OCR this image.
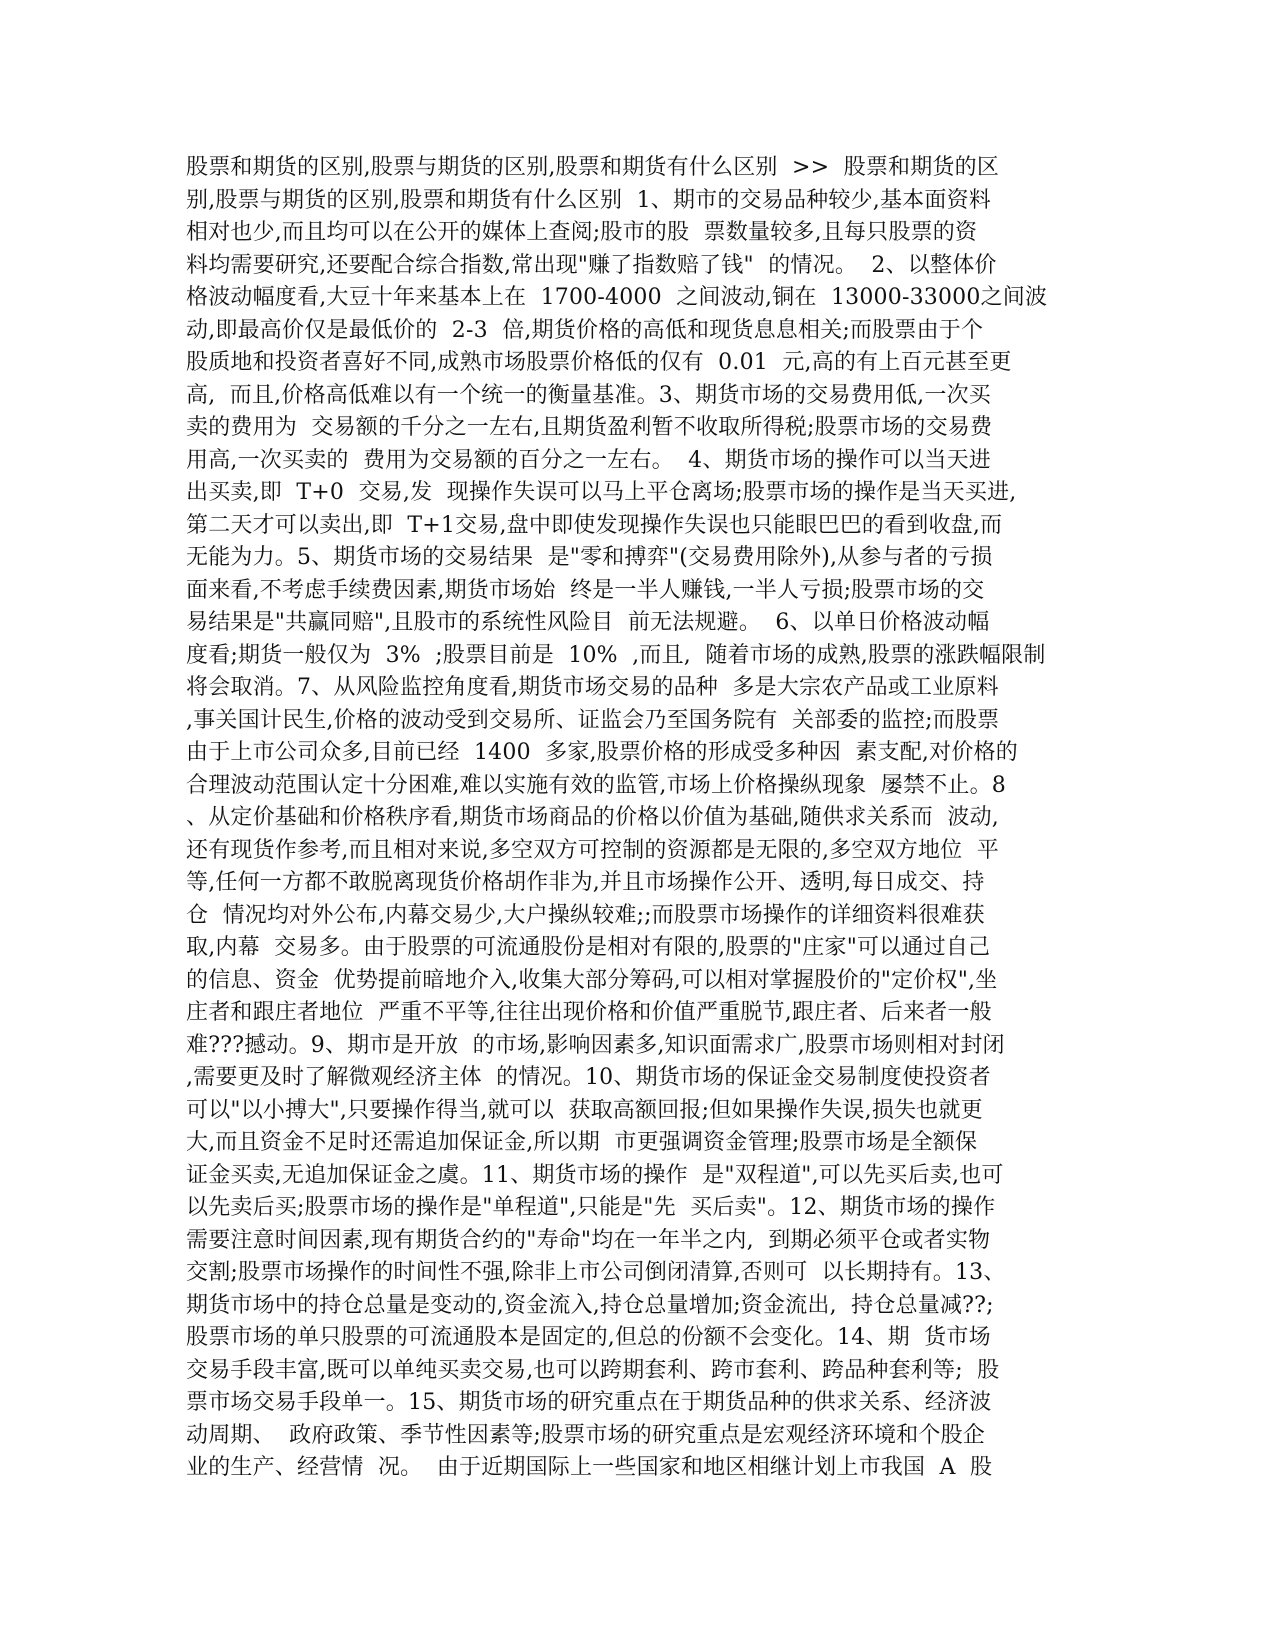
股票和期货的区别,股票与期货的区别,股票和期货有什么区别  >>  股票和期货的区
别,股票与期货的区别,股票和期货有什么区别  1、期市的交易品种较少,基本面资料
相对也少,而且均可以在公开的媒体上查阅;股市的股  票数量较多,且每只股票的资
料均需要研究,还要配合综合指数,常出现"赚了指数赔了钱"  的情况。  2、以整体价
格波动幅度看,大豆十年来基本上在  1700-4000  之间波动,铜在  13000-33000之间波
动,即最高价仅是最低价的  2-3  倍,期货价格的高低和现货息息相关;而股票由于个
股质地和投资者喜好不同,成熟市场股票价格低的仅有  0.01  元,高的有上百元甚至更
高,  而且,价格高低难以有一个统一的衡量基准。3、期货市场的交易费用低,一次买
卖的费用为  交易额的千分之一左右,且期货盈利暂不收取所得税;股票市场的交易费
用高,一次买卖的  费用为交易额的百分之一左右。  4、期货市场的操作可以当天进
出买卖,即  T+0  交易,发  现操作失误可以马上平仓离场;股票市场的操作是当天买进,
第二天才可以卖出,即  T+1交易,盘中即使发现操作失误也只能眼巴巴的看到收盘,而
无能为力。5、期货市场的交易结果  是"零和搏弈"(交易费用除外),从参与者的亏损
面来看,不考虑手续费因素,期货市场始  终是一半人赚钱,一半人亏损;股票市场的交
易结果是"共赢同赔",且股市的系统性风险目  前无法规避。  6、以单日价格波动幅
度看;期货一般仅为  3%  ;股票目前是  10%  ,而且,  随着市场的成熟,股票的涨跌幅限制
将会取消。7、从风险监控角度看,期货市场交易的品种  多是大宗农产品或工业原料
,事关国计民生,价格的波动受到交易所、证监会乃至国务院有  关部委的监控;而股票
由于上市公司众多,目前已经  1400  多家,股票价格的形成受多种因  素支配,对价格的
合理波动范围认定十分困难,难以实施有效的监管,市场上价格操纵现象  屡禁不止。8
、从定价基础和价格秩序看,期货市场商品的价格以价值为基础,随供求关系而  波动,
还有现货作参考,而且相对来说,多空双方可控制的资源都是无限的,多空双方地位  平
等,任何一方都不敢脱离现货价格胡作非为,并且市场操作公开、透明,每日成交、持
仓  情况均对外公布,内幕交易少,大户操纵较难;;而股票市场操作的详细资料很难获
取,内幕  交易多。由于股票的可流通股份是相对有限的,股票的"庄家"可以通过自己
的信息、资金  优势提前暗地介入,收集大部分筹码,可以相对掌握股价的"定价权",坐
庄者和跟庄者地位  严重不平等,往往出现价格和价值严重脱节,跟庄者、后来者一般
难???撼动。9、期市是开放  的市场,影响因素多,知识面需求广,股票市场则相对封闭
,需要更及时了解微观经济主体  的情况。10、期货市场的保证金交易制度使投资者
可以"以小搏大",只要操作得当,就可以  获取高额回报;但如果操作失误,损失也就更
大,而且资金不足时还需追加保证金,所以期  市更强调资金管理;股票市场是全额保
证金买卖,无追加保证金之虞。11、期货市场的操作  是"双程道",可以先买后卖,也可
以先卖后买;股票市场的操作是"单程道",只能是"先  买后卖"。12、期货市场的操作
需要注意时间因素,现有期货合约的"寿命"均在一年半之内,  到期必须平仓或者实物
交割;股票市场操作的时间性不强,除非上市公司倒闭清算,否则可  以长期持有。13、
期货市场中的持仓总量是变动的,资金流入,持仓总量增加;资金流出,  持仓总量减??;
股票市场的单只股票的可流通股本是固定的,但总的份额不会变化。14、期  货市场
交易手段丰富,既可以单纯买卖交易,也可以跨期套利、跨市套利、跨品种套利等;  股
票市场交易手段单一。15、期货市场的研究重点在于期货品种的供求关系、经济波
动周期、  政府政策、季节性因素等;股票市场的研究重点是宏观经济环境和个股企
业的生产、经营情  况。  由于近期国际上一些国家和地区相继计划上市我国  A  股
